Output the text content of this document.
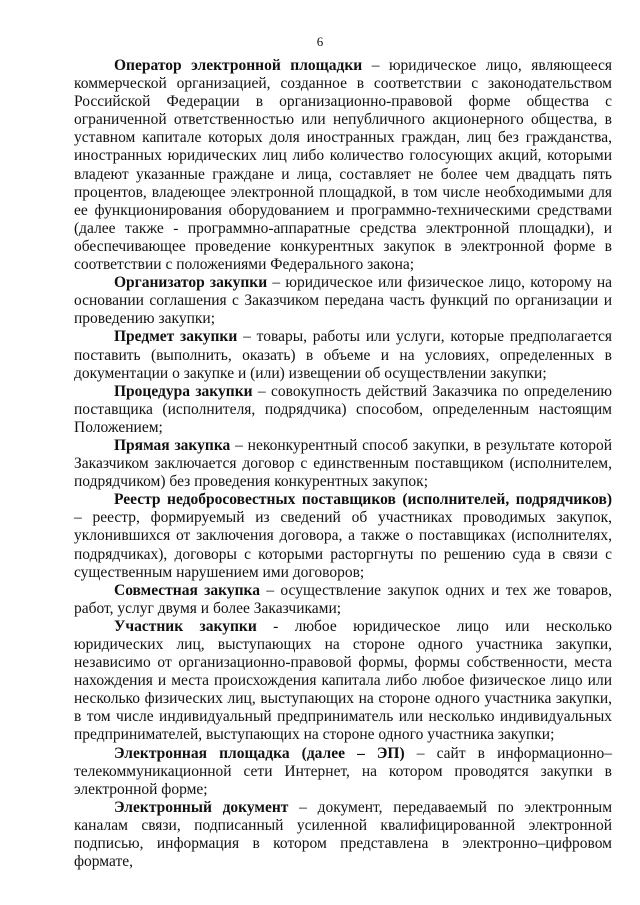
6

Оператор электронной площадки – юридическое лицо, являющееся коммерческой организацией, созданное в соответствии с законодательством Российской Федерации в организационно-правовой форме общества с ограниченной ответственностью или непубличного акционерного общества, в уставном капитале которых доля иностранных граждан, лиц без гражданства, иностранных юридических лиц либо количество голосующих акций, которыми владеют указанные граждане и лица, составляет не более чем двадцать пять процентов, владеющее электронной площадкой, в том числе необходимыми для ее функционирования оборудованием и программно-техническими средствами (далее также - программно-аппаратные средства электронной площадки), и обеспечивающее проведение конкурентных закупок в электронной форме в соответствии с положениями Федерального закона;

Организатор закупки – юридическое или физическое лицо, которому на основании соглашения с Заказчиком передана часть функций по организации и проведению закупки;

Предмет закупки – товары, работы или услуги, которые предполагается поставить (выполнить, оказать) в объеме и на условиях, определенных в документации о закупке и (или) извещении об осуществлении закупки;

Процедура закупки – совокупность действий Заказчика по определению поставщика (исполнителя, подрядчика) способом, определенным настоящим Положением;

Прямая закупка – неконкурентный способ закупки, в результате которой Заказчиком заключается договор с единственным поставщиком (исполнителем, подрядчиком) без проведения конкурентных закупок;

Реестр недобросовестных поставщиков (исполнителей, подрядчиков) – реестр, формируемый из сведений об участниках проводимых закупок, уклонившихся от заключения договора, а также о поставщиках (исполнителях, подрядчиках), договоры с которыми расторгнуты по решению суда в связи с существенным нарушением ими договоров;

Совместная закупка – осуществление закупок одних и тех же товаров, работ, услуг двумя и более Заказчиками;

Участник закупки - любое юридическое лицо или несколько юридических лиц, выступающих на стороне одного участника закупки, независимо от организационно-правовой формы, формы собственности, места нахождения и места происхождения капитала либо любое физическое лицо или несколько физических лиц, выступающих на стороне одного участника закупки, в том числе индивидуальный предприниматель или несколько индивидуальных предпринимателей, выступающих на стороне одного участника закупки;

Электронная площадка (далее – ЭП) – сайт в информационно–телекоммуникационной сети Интернет, на котором проводятся закупки в электронной форме;

Электронный документ – документ, передаваемый по электронным каналам связи, подписанный усиленной квалифицированной электронной подписью, информация в котором представлена в электронно–цифровом формате,
